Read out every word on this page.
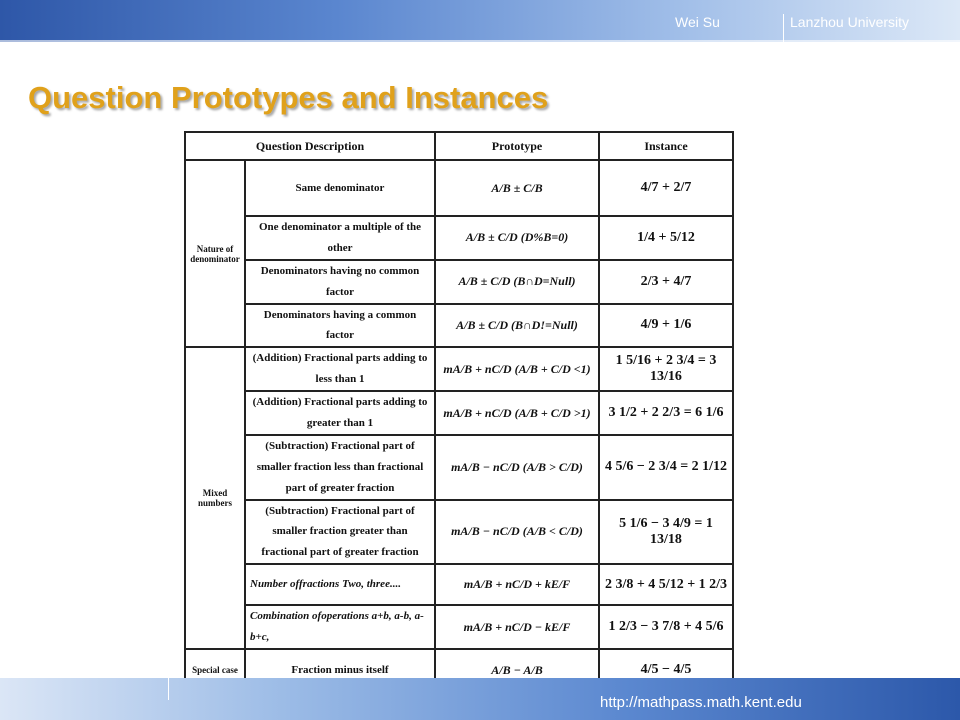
Wei Su	Lanzhou University
Question Prototypes and Instances
Question Description		Prototype	Instance
Nature of denominator	Same denominator	A/B ± C/B	4/7 + 2/7
	One denominator a multiple of the other	A/B ± C/D (D%B=0)	1/4 + 5/12
	Denominators having no common factor	A/B ± C/D (B∩D=Null)	2/3 + 4/7
	Denominators having a common factor	A/B ± C/D (B∩D!=Null)	4/9 + 1/6
Mixed numbers	(Addition) Fractional parts adding to less than 1	mA/B + nC/D (A/B + C/D <1)	1 5/16 + 2 3/4 = 3 13/16
	(Addition) Fractional parts adding to greater than 1	mA/B + nC/D (A/B + C/D >1)	3 1/2 + 2 2/3 = 6 1/6
	(Subtraction) Fractional part of smaller fraction less than fractional part of greater fraction	mA/B − nC/D (A/B > C/D)	4 5/6 − 2 3/4 = 2 1/12
	(Subtraction) Fractional part of smaller fraction greater than fractional part of greater fraction	mA/B − nC/D (A/B < C/D)	5 1/6 − 3 4/9 = 1 13/18
	Number offractions Two, three....	mA/B + nC/D + kE/F	2 3/8 + 4 5/12 + 1 2/3
	Combination ofoperations a+b, a-b, a-b+c,	mA/B + nC/D − kE/F	1 2/3 − 3 7/8 + 4 5/6
Special case	Fraction minus itself	A/B − A/B	4/5 − 4/5
http://mathpass.math.kent.edu
